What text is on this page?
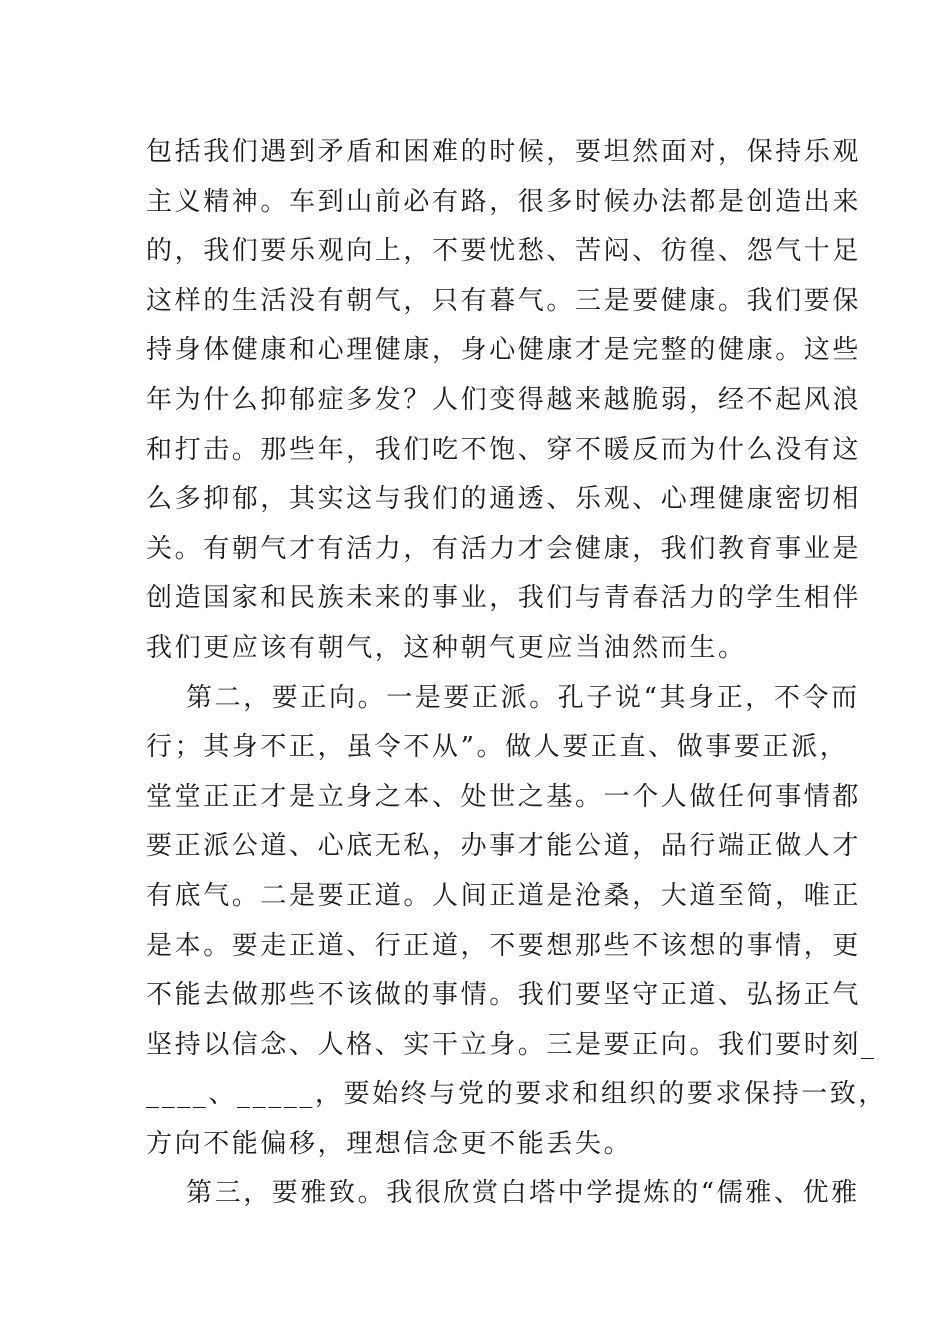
包括我们遇到矛盾和困难的时候，要坦然面对，保持乐观
主义精神。车到山前必有路，很多时候办法都是创造出来
的，我们要乐观向上，不要忧愁、苦闷、彷徨、怨气十足
这样的生活没有朝气，只有暮气。三是要健康。我们要保
持身体健康和心理健康，身心健康才是完整的健康。这些
年为什么抑郁症多发？人们变得越来越脆弱，经不起风浪
和打击。那些年，我们吃不饱、穿不暖反而为什么没有这
么多抑郁，其实这与我们的通透、乐观、心理健康密切相
关。有朝气才有活力，有活力才会健康，我们教育事业是
创造国家和民族未来的事业，我们与青春活力的学生相伴
我们更应该有朝气，这种朝气更应当油然而生。
第二，要正向。一是要正派。孔子说“其身正，不令而
行；其身不正，虽令不从”。做人要正直、做事要正派，
堂堂正正才是立身之本、处世之基。一个人做任何事情都
要正派公道、心底无私，办事才能公道，品行端正做人才
有底气。二是要正道。人间正道是沧桑，大道至简，唯正
是本。要走正道、行正道，不要想那些不该想的事情，更
不能去做那些不该做的事情。我们要坚守正道、弘扬正气
坚持以信念、人格、实干立身。三是要正向。我们要时刻_
____、_____，要始终与党的要求和组织的要求保持一致，
方向不能偏移，理想信念更不能丢失。
第三，要雅致。我很欣赏白塔中学提炼的“儒雅、优雅
